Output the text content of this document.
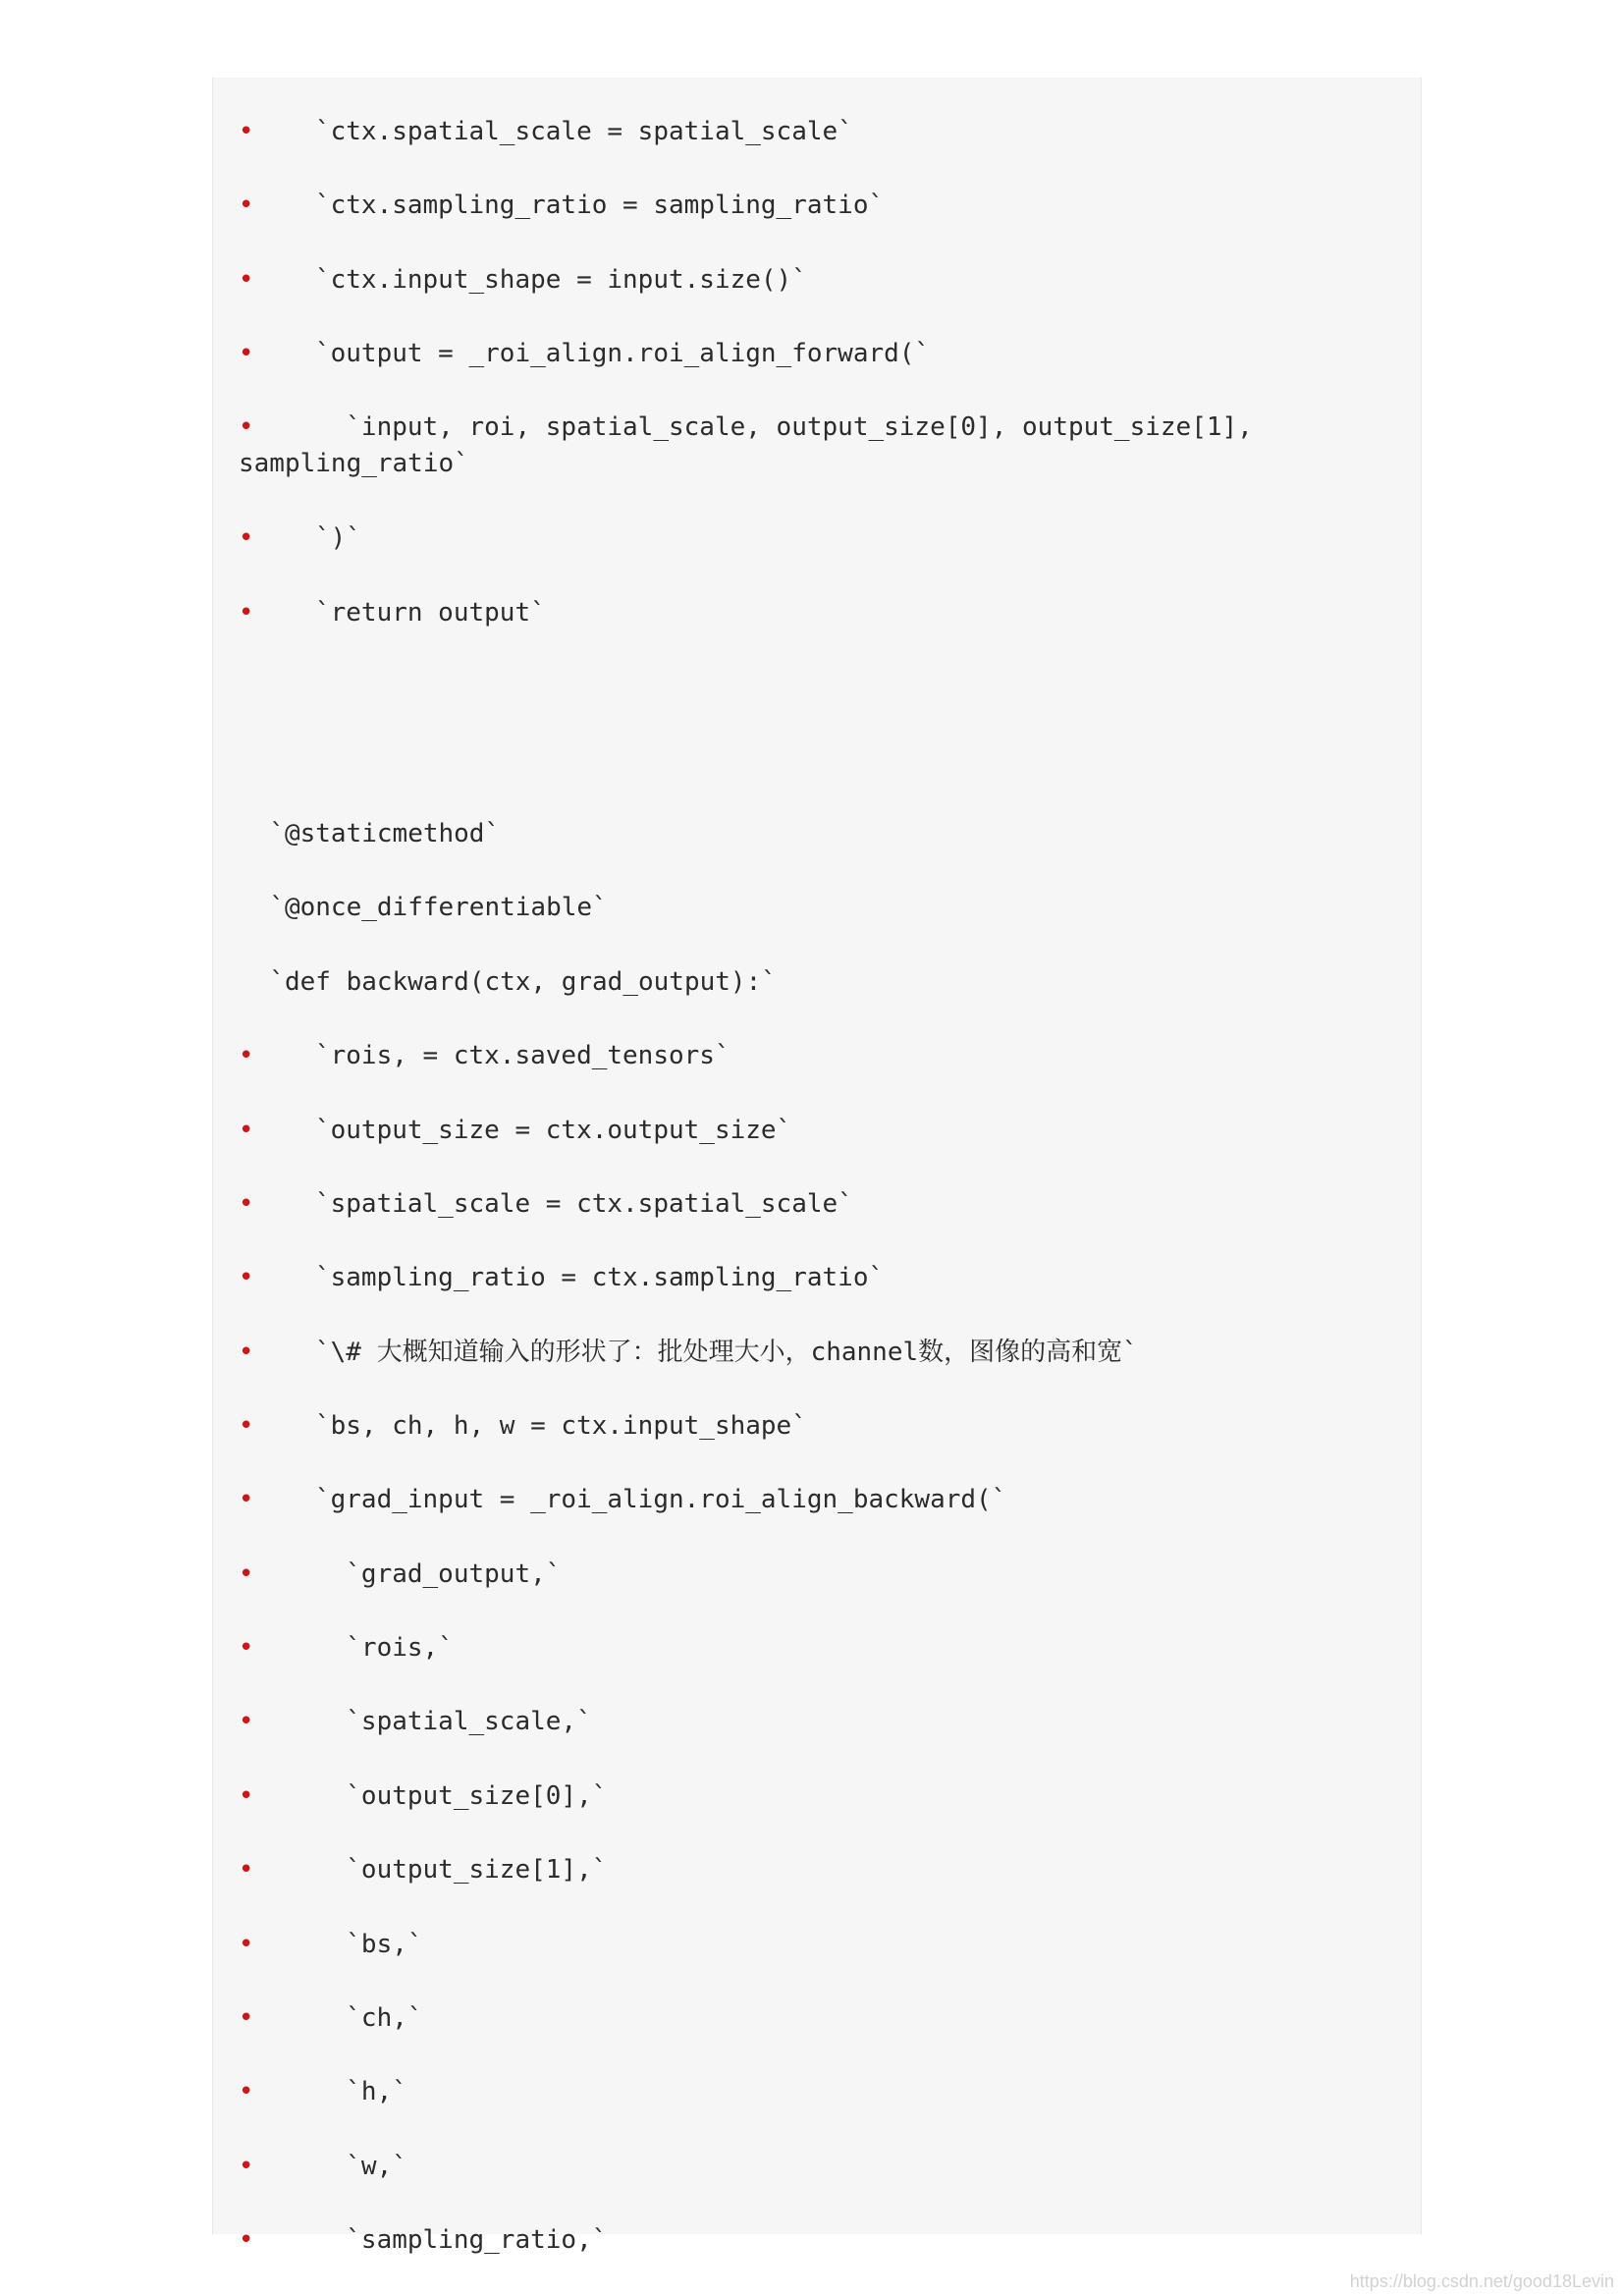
•    `ctx.spatial_scale = spatial_scale`
•    `ctx.sampling_ratio = sampling_ratio`
•    `ctx.input_shape = input.size()`
•    `output = _roi_align.roi_align_forward(`
•      `input, roi, spatial_scale, output_size[0], output_size[1], sampling_ratio`
•    `)`
•    `return output`
`@staticmethod`
`@once_differentiable`
`def backward(ctx, grad_output):`
•    `rois, = ctx.saved_tensors`
•    `output_size = ctx.output_size`
•    `spatial_scale = ctx.spatial_scale`
•    `sampling_ratio = ctx.sampling_ratio`
•    `\# 大概知道输入的形状了：批处理大小，channel数，图像的高和宽`
•    `bs, ch, h, w = ctx.input_shape`
•    `grad_input = _roi_align.roi_align_backward(`
•      `grad_output,`
•      `rois,`
•      `spatial_scale,`
•      `output_size[0],`
•      `output_size[1],`
•      `bs,`
•      `ch,`
•      `h,`
•      `w,`
•      `sampling_ratio,`
https://blog.csdn.net/good18Levin
